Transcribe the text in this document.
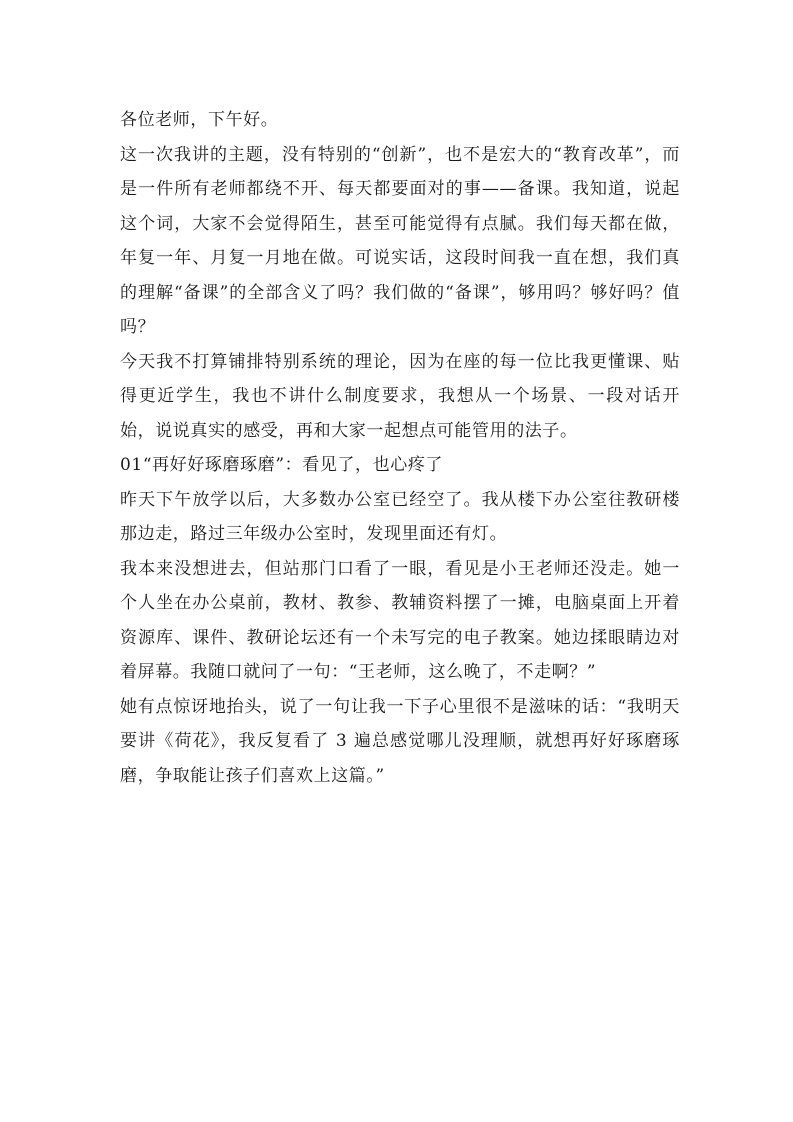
各位老师，下午好。

这一次我讲的主题，没有特别的“创新”，也不是宏大的“教育改革”，而是一件所有老师都绕不开、每天都要面对的事——备课。我知道，说起这个词，大家不会觉得陌生，甚至可能觉得有点腻。我们每天都在做，年复一年、月复一月地在做。可说实话，这段时间我一直在想，我们真的理解“备课”的全部含义了吗？我们做的“备课”，够用吗？够好吗？值吗？

今天我不打算铺排特别系统的理论，因为在座的每一位比我更懂课、贴得更近学生，我也不讲什么制度要求，我想从一个场景、一段对话开始，说说真实的感受，再和大家一起想点可能管用的法子。

01“再好好琢磨琢磨”：看见了，也心疼了

昨天下午放学以后，大多数办公室已经空了。我从楼下办公室往教研楼那边走，路过三年级办公室时，发现里面还有灯。

我本来没想进去，但站那门口看了一眼，看见是小王老师还没走。她一个人坐在办公桌前，教材、教参、教辅资料摆了一摊，电脑桌面上开着资源库、课件、教研论坛还有一个未写完的电子教案。她边揉眼睛边对着屏幕。我随口就问了一句：“王老师，这么晚了，不走啊？”

她有点惊讶地抬头，说了一句让我一下子心里很不是滋味的话：“我明天要讲《荷花》，我反复看了 3 遍总感觉哪儿没理顺，就想再好好琢磨琢磨，争取能让孩子们喜欢上这篇。”
